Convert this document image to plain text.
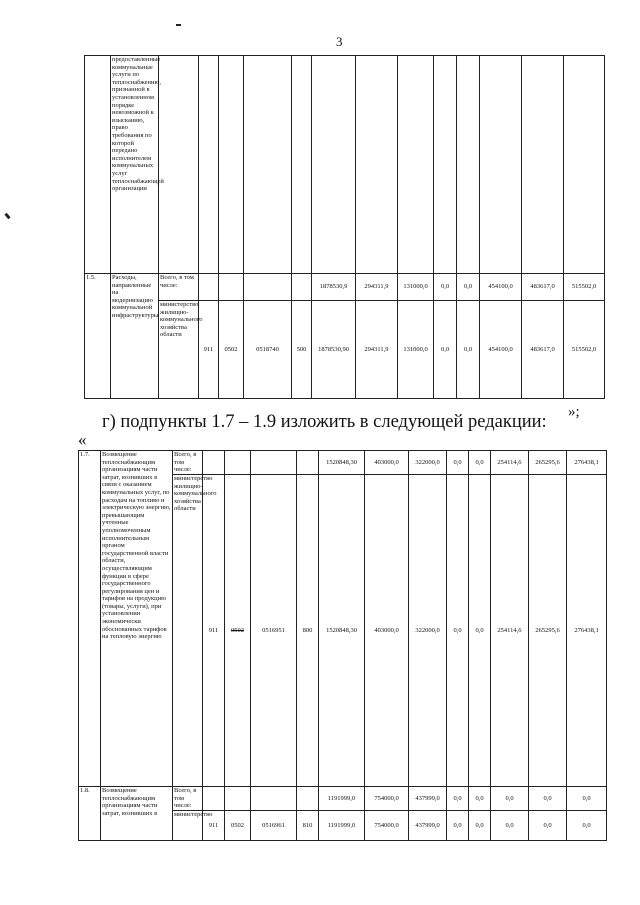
3
	предоставленные коммунальные услуги по теплоснабжению, признанной в установленном порядке невозможной к взысканию, право требования по которой передано исполнителем коммунальных услуг теплоснабжающей организации													
1.5.	Расходы, направленные на модернизацию коммунальной инфраструктуры	Всего, в том числе:					1878530,9	294311,9	131000,0	0,0	0,0	454100,0	483617,0	515502,0
		министерство жилищно-коммунального хозяйства области	911	0502	0518740	500	1878530,90	294311,9	131000,0	0,0	0,0	454100,0	483617,0	515502,0
»;
г) подпункты 1.7 – 1.9 изложить в следующей редакции:
«
1.7.	Возмещение теплоснабжающим организациям части затрат, возникших в связи с оказанием коммунальных услуг, по расходам на топливо и электрическую энергию, превышающим учтенные уполномоченным исполнительным органом государственной власти области, осуществляющим функции в сфере государственного регулирования цен и тарифов на продукцию (товары, услуги), при установлении экономически обоснованных тарифов на тепловую энергию	Всего, в том числе:					1520848,30	403000,0	322000,0	0,0	0,0	254114,6	265295,6	276438,1
		министерство жилищно-коммунального хозяйства области	911	0502	0516951	800	1520848,30	403000,0	322000,0	0,0	0,0	254114,6	265295,6	276438,1
1.8.	Возмещение теплоснабжающим организациям части затрат, возникших в	Всего, в том числе:					1191999,0	754000,0	437999,0	0,0	0,0	0,0	0,0	0,0
		министерство	911	0502	0516961	810	1191999,0	754000,0	437999,0	0,0	0,0	0,0	0,0	0,0
